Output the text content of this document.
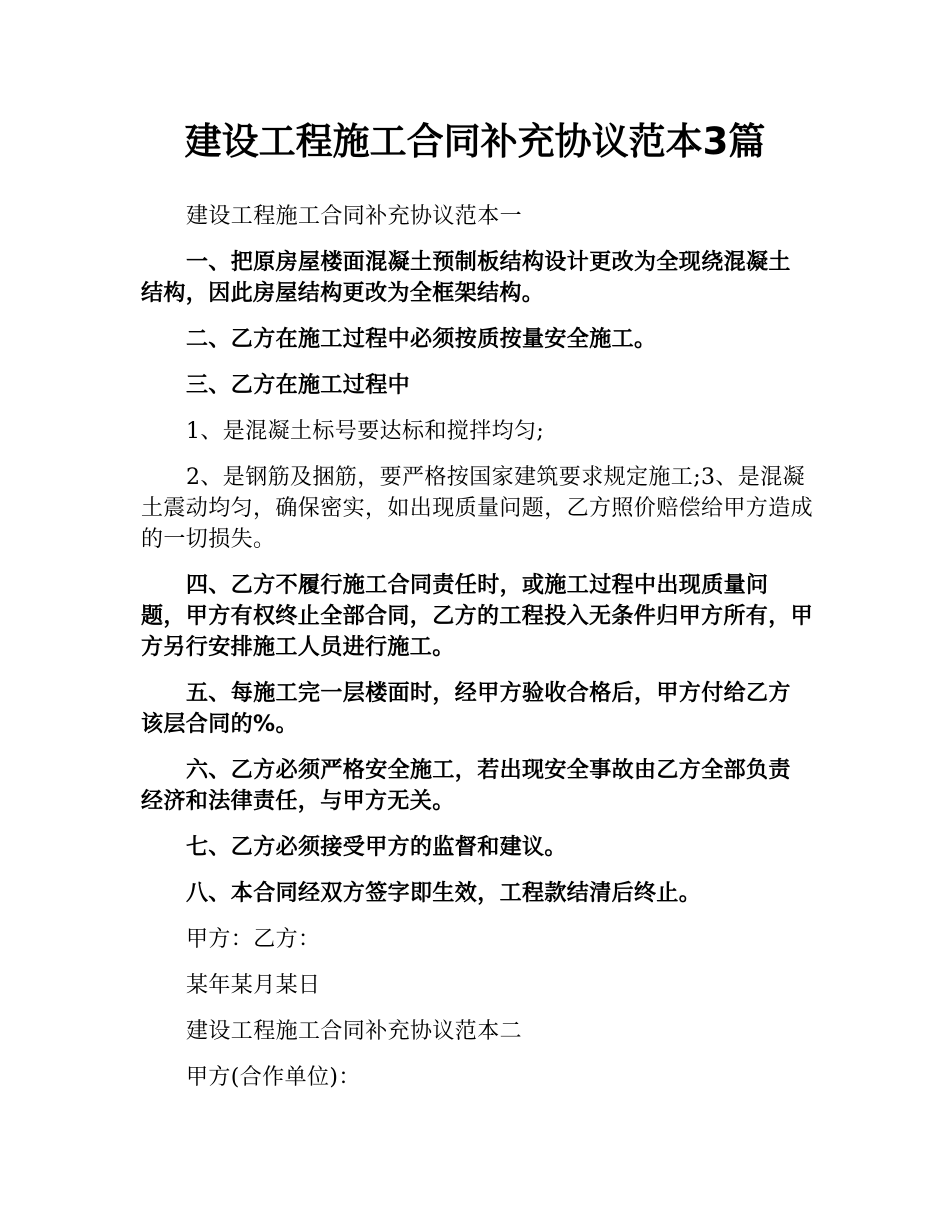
建设工程施工合同补充协议范本3篇

建设工程施工合同补充协议范本一

一、把原房屋楼面混凝土预制板结构设计更改为全现绕混凝土结构，因此房屋结构更改为全框架结构。

二、乙方在施工过程中必须按质按量安全施工。

三、乙方在施工过程中

1、是混凝土标号要达标和搅拌均匀;

2、是钢筋及捆筋，要严格按国家建筑要求规定施工;3、是混凝土震动均匀，确保密实，如出现质量问题，乙方照价赔偿给甲方造成的一切损失。

四、乙方不履行施工合同责任时，或施工过程中出现质量问题，甲方有权终止全部合同，乙方的工程投入无条件归甲方所有，甲方另行安排施工人员进行施工。

五、每施工完一层楼面时，经甲方验收合格后，甲方付给乙方该层合同的%。

六、乙方必须严格安全施工，若出现安全事故由乙方全部负责经济和法律责任，与甲方无关。

七、乙方必须接受甲方的监督和建议。

八、本合同经双方签字即生效，工程款结清后终止。

甲方：乙方：

某年某月某日

建设工程施工合同补充协议范本二

甲方(合作单位)：
